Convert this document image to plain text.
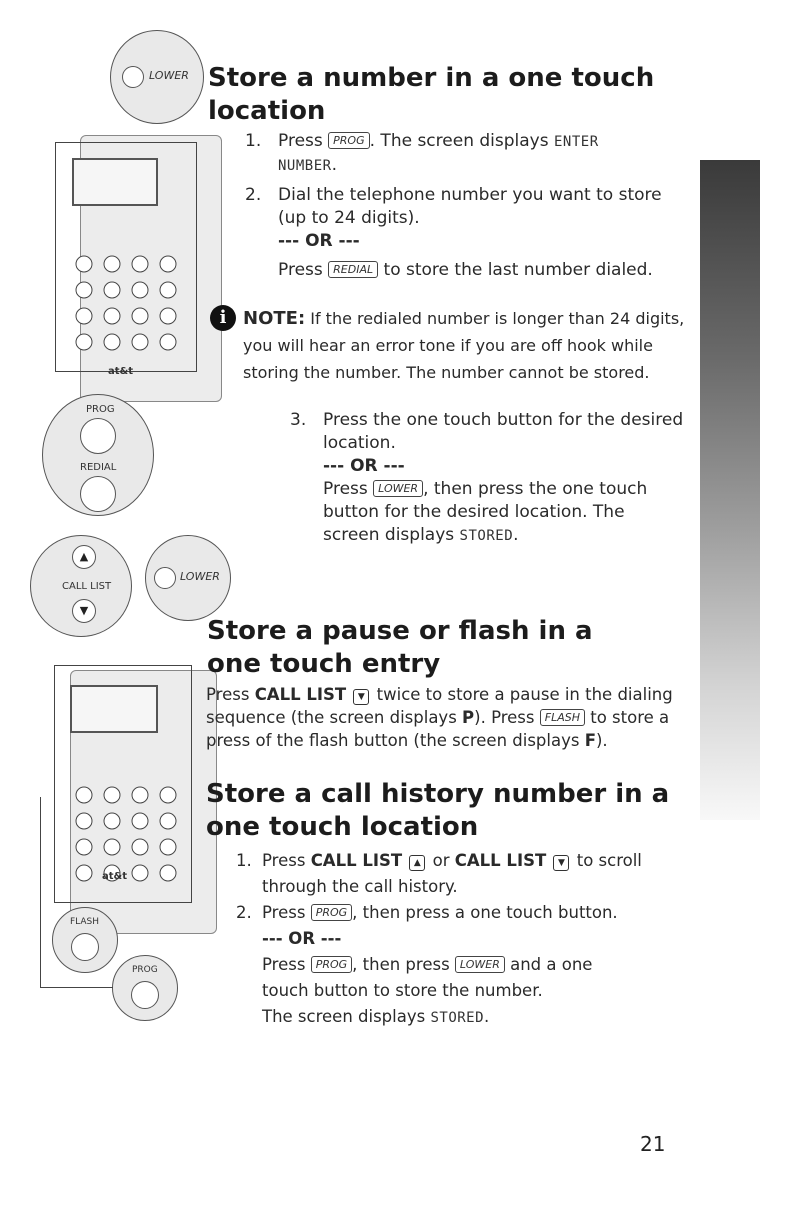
One touch memory
LOWER
at&t
PROG
REDIAL
▲
CALL LIST
▼
LOWER
at&t
FLASH
PROG
Store a number in a one touch
location
1. Press PROG . The screen displays ENTER
NUMBER.
2. Dial the telephone number you want to store
(up to 24 digits).
--- OR ---
Press REDIAL to store the last number dialed.
i NOTE: If the redialed number is longer than 24 digits,
you will hear an error tone if you are off hook while
storing the number. The number cannot be stored.
3. Press the one touch button for the desired
location.
--- OR ---
Press LOWER , then press the one touch
button for the desired location. The
screen displays STORED.
Store a pause or flash in a
one touch entry
Press CALL LIST ▼ twice to store a pause in the dialing
sequence (the screen displays P). Press FLASH to store a
press of the flash button (the screen displays F).
Store a call history number in a
one touch location
1. Press CALL LIST ▲ or CALL LIST ▼ to scroll
through the call history.
2. Press PROG , then press a one touch button.
--- OR ---
Press PROG , then press LOWER and a one
touch button to store the number.
The screen displays STORED.
21
